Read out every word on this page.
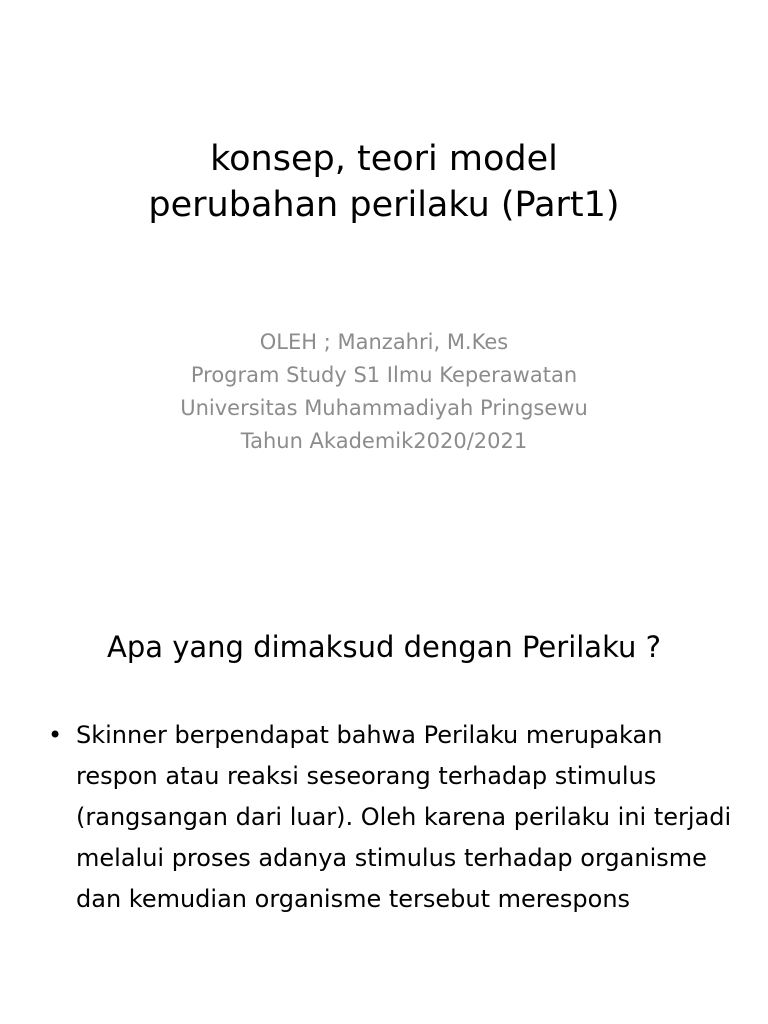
konsep, teori model
perubahan perilaku (Part1)
OLEH ; Manzahri, M.Kes
Program Study S1 Ilmu Keperawatan
Universitas Muhammadiyah Pringsewu
Tahun Akademik2020/2021
Apa yang dimaksud dengan Perilaku ?
• Skinner berpendapat bahwa Perilaku merupakan respon atau reaksi seseorang terhadap stimulus (rangsangan dari luar). Oleh karena perilaku ini terjadi melalui proses adanya stimulus terhadap organisme dan kemudian organisme tersebut merespons
